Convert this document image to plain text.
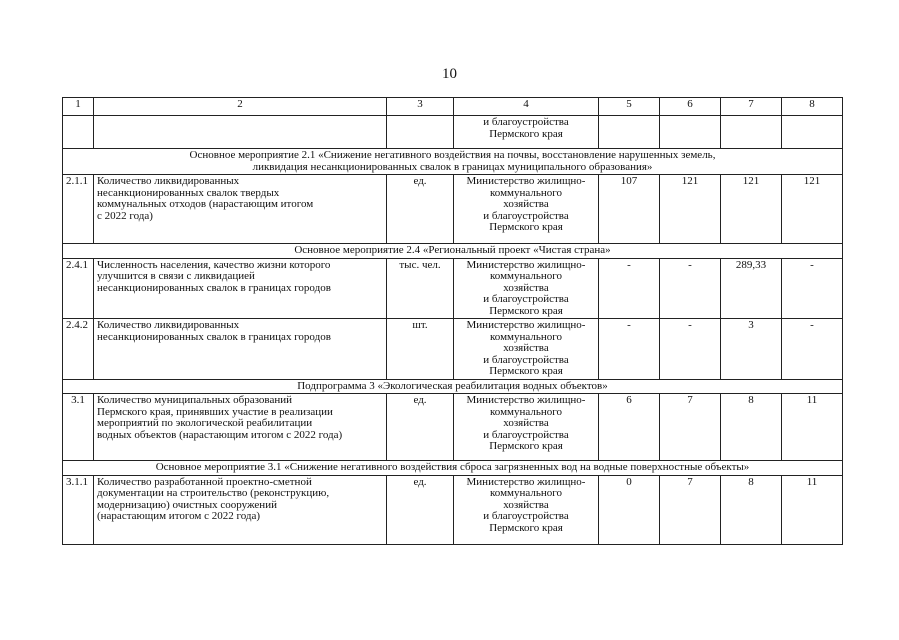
10
1	2	3	4	5	6	7	8
			и благоустройства
Пермского края				
Основное мероприятие 2.1 «Снижение негативного воздействия на почвы, восстановление нарушенных земель,
ликвидация несанкционированных свалок в границах муниципального образования»							
2.1.1	Количество ликвидированных
несанкционированных свалок твердых
коммунальных отходов (нарастающим итогом
с 2022 года)	ед.	Министерство жилищно-
коммунального
хозяйства
и благоустройства
Пермского края	107	121	121	121
Основное мероприятие 2.4 «Региональный проект «Чистая страна»							
2.4.1	Численность населения, качество жизни которого
улучшится в связи с ликвидацией
несанкционированных свалок в границах городов	тыс. чел.	Министерство жилищно-
коммунального
хозяйства
и благоустройства
Пермского края	-	-	289,33	-
2.4.2	Количество ликвидированных
несанкционированных свалок в границах городов	шт.	Министерство жилищно-
коммунального
хозяйства
и благоустройства
Пермского края	-	-	3	-
Подпрограмма 3 «Экологическая реабилитация водных объектов»							
3.1	Количество муниципальных образований
Пермского края, принявших участие в реализации
мероприятий по экологической реабилитации
водных объектов (нарастающим итогом с 2022 года)	ед.	Министерство жилищно-
коммунального
хозяйства
и благоустройства
Пермского края	6	7	8	11
Основное мероприятие 3.1 «Снижение негативного воздействия сброса загрязненных вод на водные поверхностные объекты»							
3.1.1	Количество разработанной проектно-сметной
документации на строительство (реконструкцию,
модернизацию) очистных сооружений
(нарастающим итогом с 2022 года)	ед.	Министерство жилищно-
коммунального
хозяйства
и благоустройства
Пермского края	0	7	8	11
